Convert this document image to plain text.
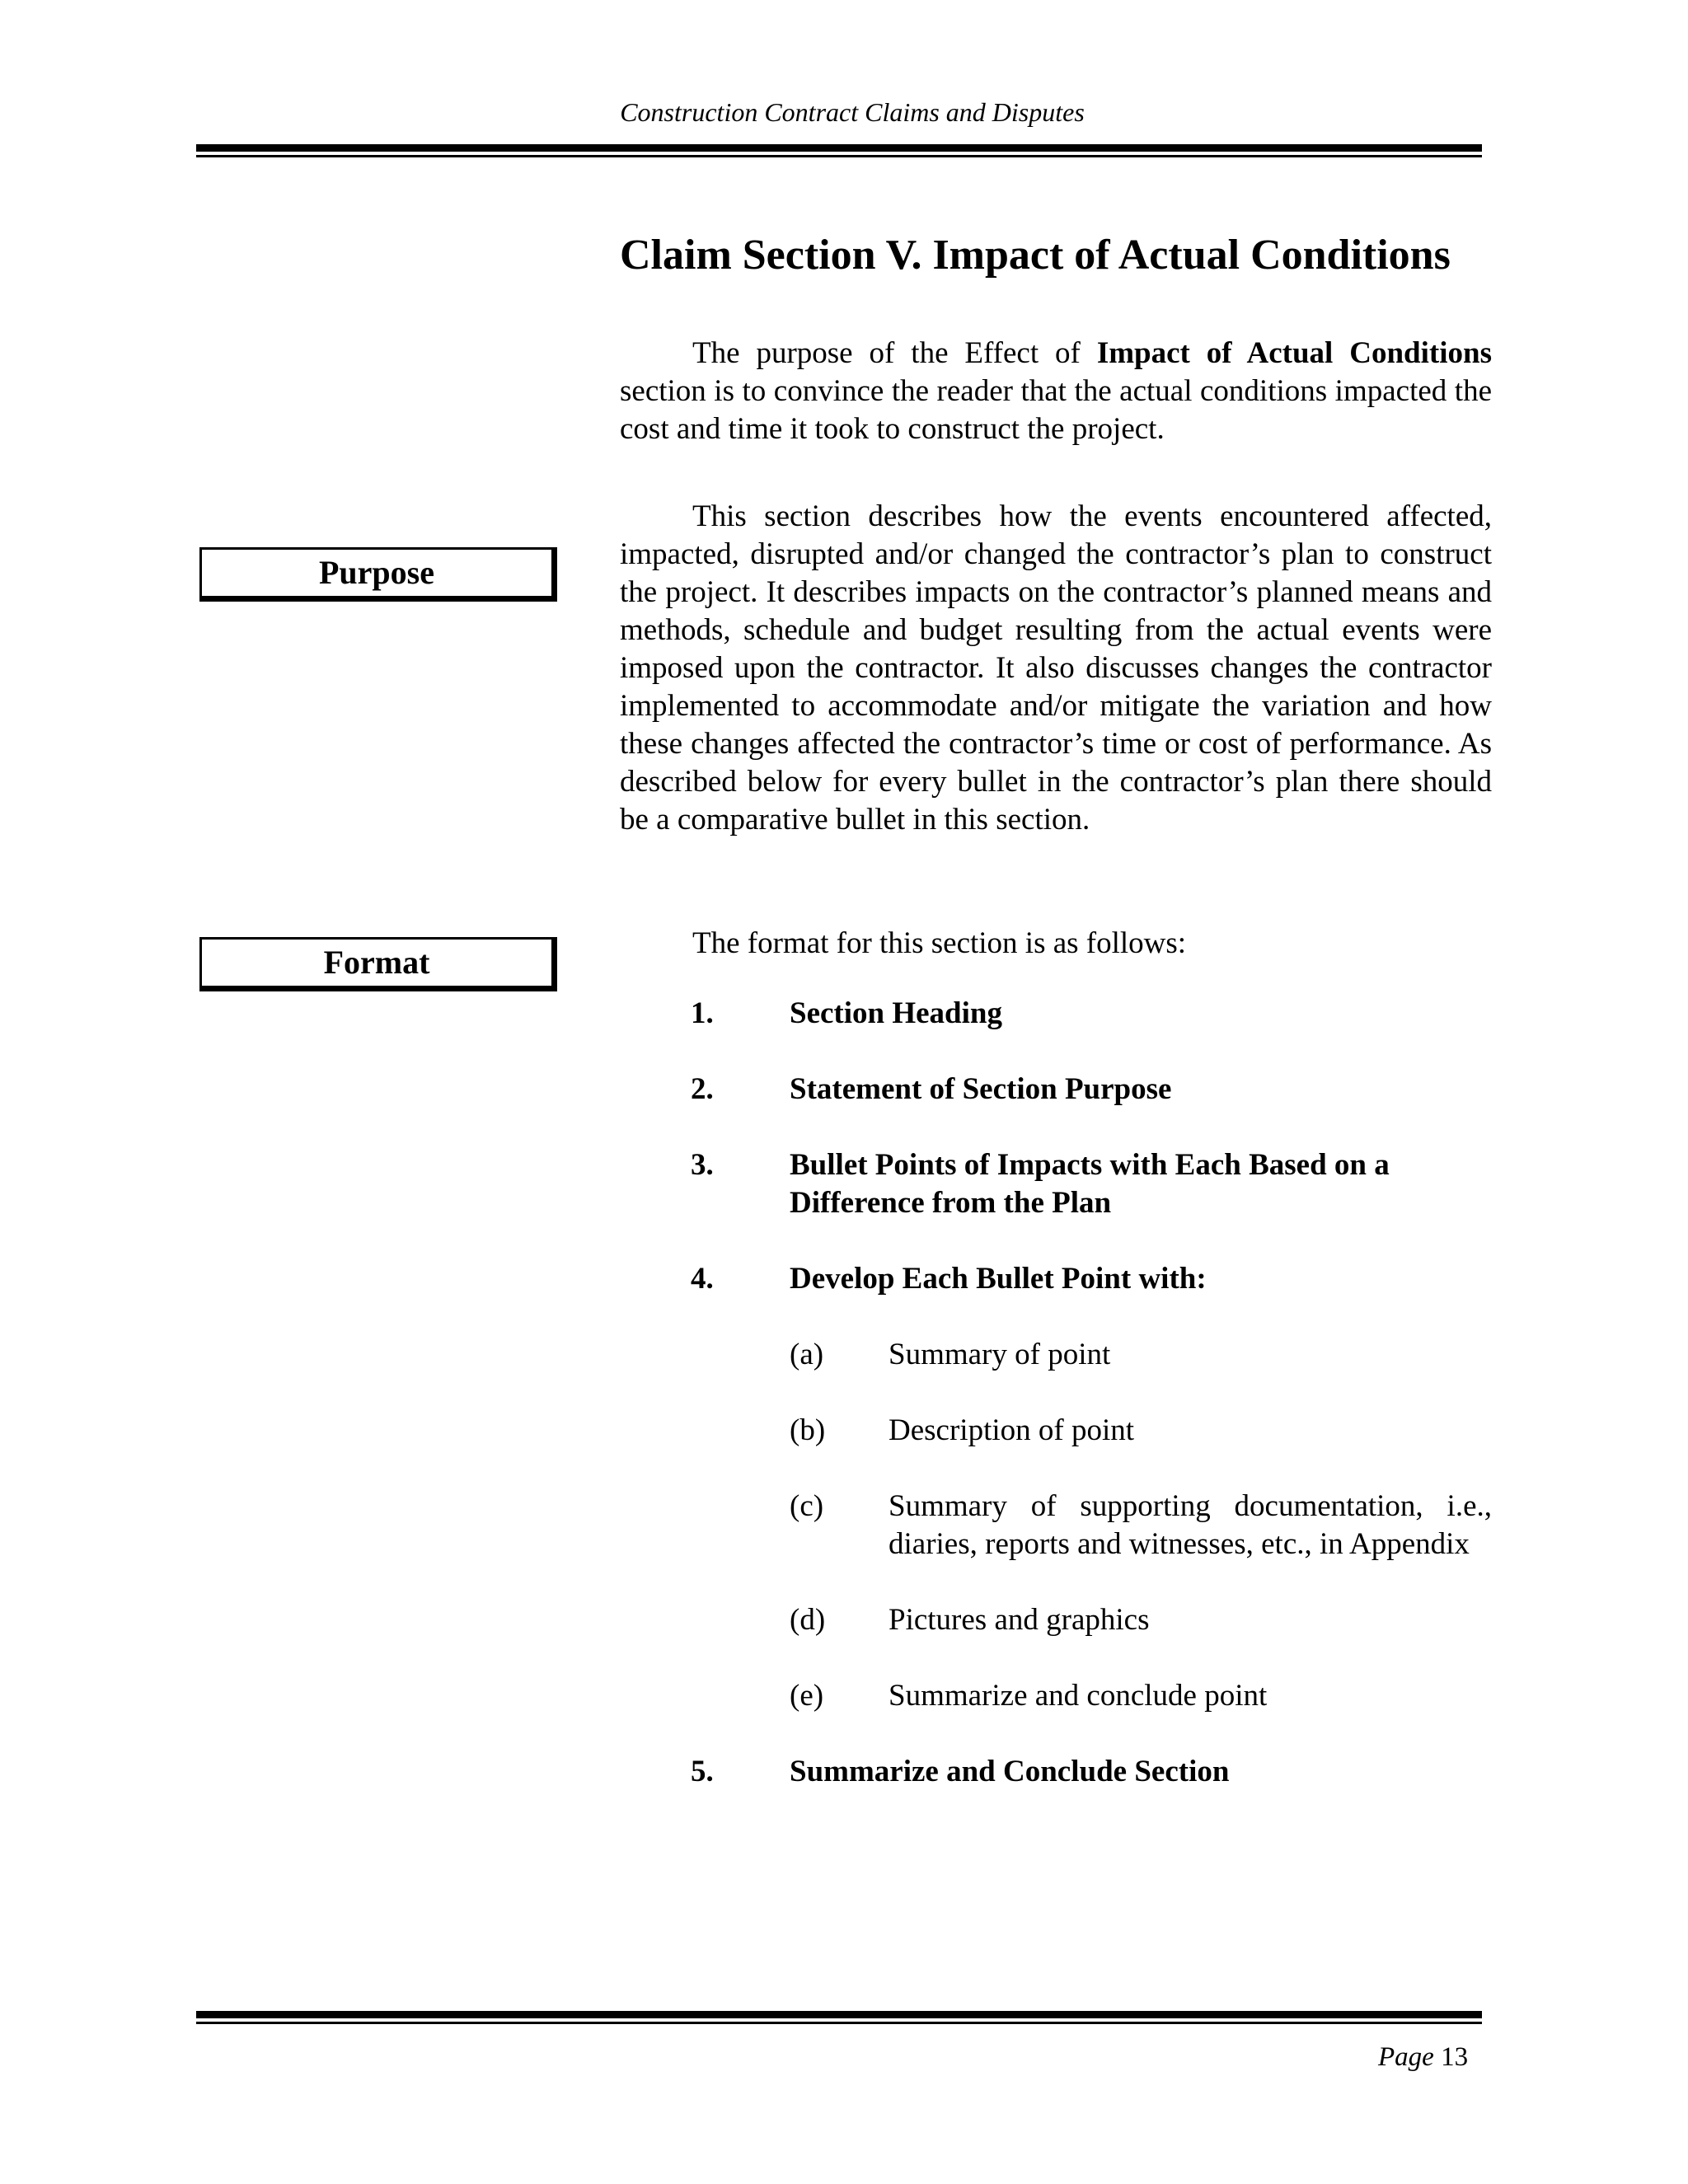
Construction Contract Claims and Disputes
Claim Section V. Impact of Actual Conditions
Purpose
Format
The purpose of the Effect of Impact of Actual Conditions section is to convince the reader that the actual conditions impacted the cost and time it took to construct the project.
This section describes how the events encountered affected, impacted, disrupted and/or changed the contractor’s plan to construct the project. It describes impacts on the contractor’s planned means and methods, schedule and budget resulting from the actual events were imposed upon the contractor. It also discusses changes the contractor implemented to accommodate and/or mitigate the variation and how these changes affected the contractor’s time or cost of performance. As described below for every bullet in the contractor’s plan there should be a comparative bullet in this section.
The format for this section is as follows:
1.	Section Heading
2.	Statement of Section Purpose
3.	Bullet Points of Impacts with Each Based on a Difference from the Plan
4.	Develop Each Bullet Point with:
(a)	Summary of point
(b)	Description of point
(c)	Summary of supporting documentation, i.e., diaries, reports and witnesses, etc., in Appendix
(d)	Pictures and graphics
(e)	Summarize and conclude point
5.	Summarize and Conclude Section
Page 13
